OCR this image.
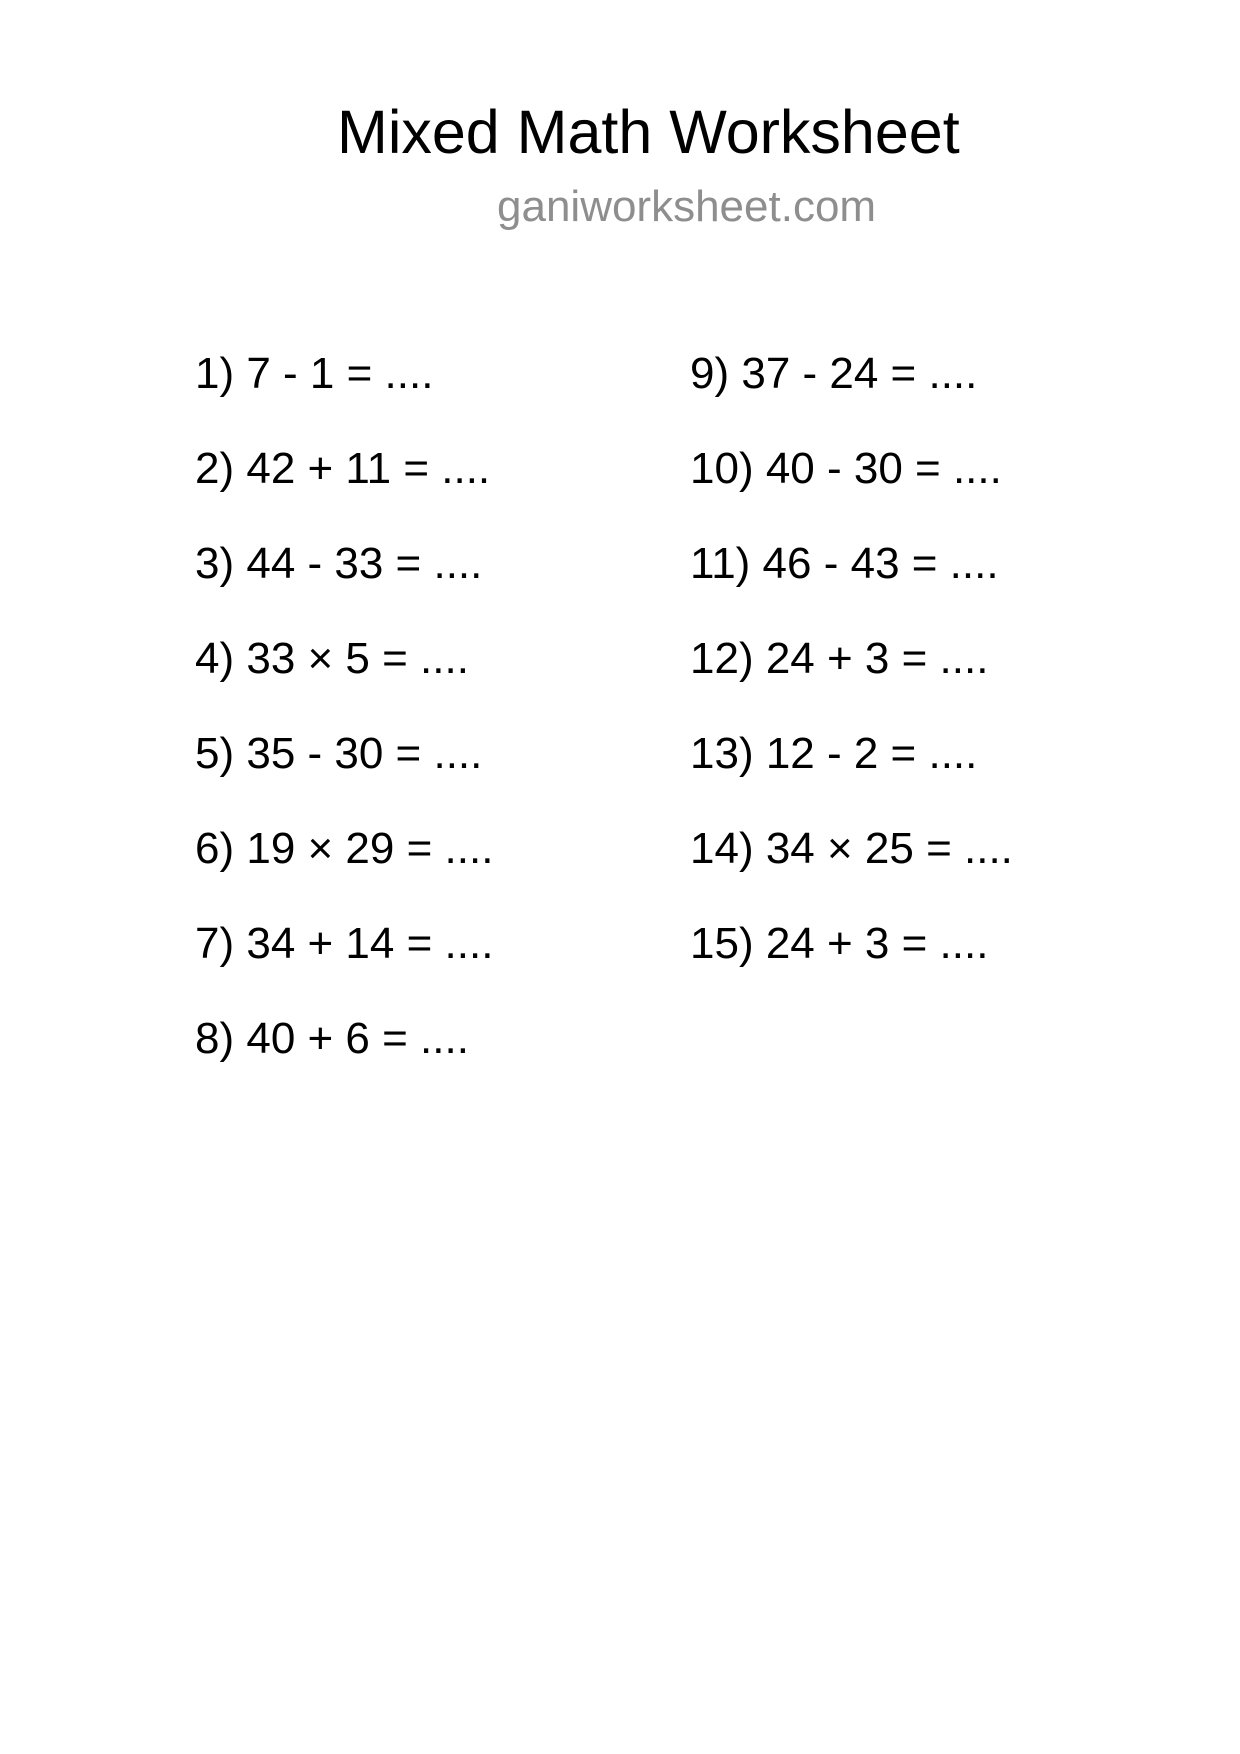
Mixed Math Worksheet
ganiworksheet.com
1) 7 - 1 = ....
2) 42 + 11 = ....
3) 44 - 33 = ....
4) 33 × 5 = ....
5) 35 - 30 = ....
6) 19 × 29 = ....
7) 34 + 14 = ....
8) 40 + 6 = ....
9) 37 - 24 = ....
10) 40 - 30 = ....
11) 46 - 43 = ....
12) 24 + 3 = ....
13) 12 - 2 = ....
14) 34 × 25 = ....
15) 24 + 3 = ....
